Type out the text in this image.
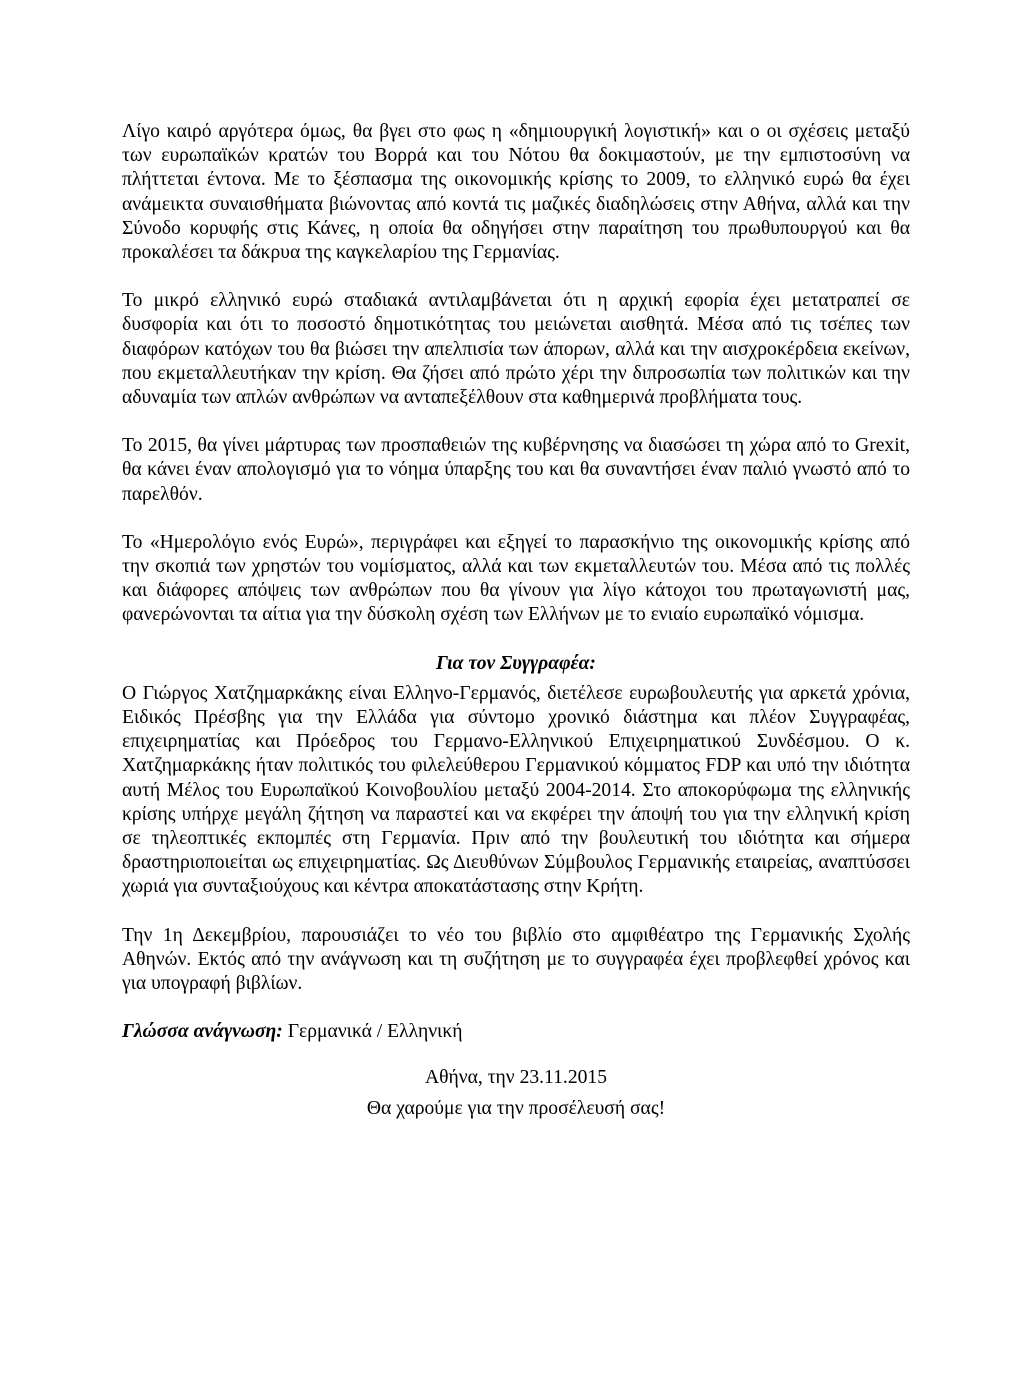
Λίγο καιρό αργότερα όμως, θα βγει στο φως η «δημιουργική λογιστική» και ο οι σχέσεις μεταξύ των ευρωπαϊκών κρατών του Βορρά και του Νότου θα δοκιμαστούν, με την εμπιστοσύνη να πλήττεται έντονα. Με το ξέσπασμα της οικονομικής κρίσης το 2009, το ελληνικό ευρώ θα έχει ανάμεικτα συναισθήματα βιώνοντας από κοντά τις μαζικές διαδηλώσεις στην Αθήνα, αλλά και την Σύνοδο κορυφής στις Κάνες, η οποία θα οδηγήσει στην παραίτηση του πρωθυπουργού και θα προκαλέσει τα δάκρυα της καγκελαρίου της Γερμανίας.

Το μικρό ελληνικό ευρώ σταδιακά αντιλαμβάνεται ότι η αρχική εφορία έχει μετατραπεί σε δυσφορία και ότι το ποσοστό δημοτικότητας του μειώνεται αισθητά. Μέσα από τις τσέπες των διαφόρων κατόχων του θα βιώσει την απελπισία των άπορων, αλλά και την αισχροκέρδεια εκείνων, που εκμεταλλευτήκαν την κρίση. Θα ζήσει από πρώτο χέρι την διπροσωπία των πολιτικών και την αδυναμία των απλών ανθρώπων να ανταπεξέλθουν στα καθημερινά προβλήματα τους.

Το 2015, θα γίνει μάρτυρας των προσπαθειών της κυβέρνησης να διασώσει τη χώρα από το Grexit, θα κάνει έναν απολογισμό για το νόημα ύπαρξης του και θα συναντήσει έναν παλιό γνωστό από το παρελθόν.

Το «Ημερολόγιο ενός Ευρώ», περιγράφει και εξηγεί το παρασκήνιο της οικονομικής κρίσης από την σκοπιά των χρηστών του νομίσματος, αλλά και των εκμεταλλευτών του. Μέσα από τις πολλές και διάφορες απόψεις των ανθρώπων που θα γίνουν για λίγο κάτοχοι του πρωταγωνιστή μας, φανερώνονται τα αίτια για την δύσκολη σχέση των Ελλήνων με το ενιαίο ευρωπαϊκό νόμισμα.

Για τον Συγγραφέα:

Ο Γιώργος Χατζημαρκάκης είναι Ελληνο-Γερμανός, διετέλεσε ευρωβουλευτής για αρκετά χρόνια, Ειδικός Πρέσβης για την Ελλάδα για σύντομο χρονικό διάστημα και πλέον Συγγραφέας, επιχειρηματίας και Πρόεδρος του Γερμανο-Ελληνικού Επιχειρηματικού Συνδέσμου. Ο κ. Χατζημαρκάκης ήταν πολιτικός του φιλελεύθερου Γερμανικού κόμματος FDP και υπό την ιδιότητα αυτή Μέλος του Ευρωπαϊκού Κοινοβουλίου μεταξύ 2004-2014. Στο αποκορύφωμα της ελληνικής κρίσης υπήρχε μεγάλη ζήτηση να παραστεί και να εκφέρει την άποψή του για την ελληνική κρίση σε τηλεοπτικές εκπομπές στη Γερμανία. Πριν από την βουλευτική του ιδιότητα και σήμερα δραστηριοποιείται ως επιχειρηματίας. Ως Διευθύνων Σύμβουλος Γερμανικής εταιρείας, αναπτύσσει χωριά για συνταξιούχους και κέντρα αποκατάστασης στην Κρήτη.

Την 1η Δεκεμβρίου, παρουσιάζει το νέο του βιβλίο στο αμφιθέατρο της Γερμανικής Σχολής Αθηνών. Εκτός από την ανάγνωση και τη συζήτηση με το συγγραφέα έχει προβλεφθεί χρόνος και για υπογραφή βιβλίων.

Γλώσσα ανάγνωση: Γερμανικά / Ελληνική

Αθήνα, την 23.11.2015

Θα χαρούμε για την προσέλευσή σας!
